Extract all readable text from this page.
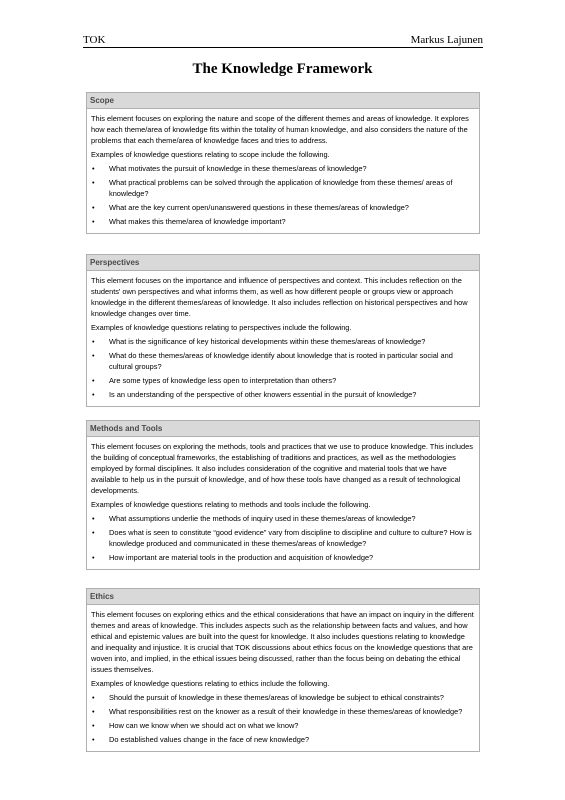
TOK	Markus Lajunen
The Knowledge Framework
Scope

This element focuses on exploring the nature and scope of the different themes and areas of knowledge. It explores how each theme/area of knowledge fits within the totality of human knowledge, and also considers the nature of the problems that each theme/area of knowledge faces and tries to address.

Examples of knowledge questions relating to scope include the following.

• What motivates the pursuit of knowledge in these themes/areas of knowledge?
• What practical problems can be solved through the application of knowledge from these themes/ areas of knowledge?
• What are the key current open/unanswered questions in these themes/areas of knowledge?
• What makes this theme/area of knowledge important?
Perspectives

This element focuses on the importance and influence of perspectives and context. This includes reflection on the students' own perspectives and what informs them, as well as how different people or groups view or approach knowledge in the different themes/areas of knowledge. It also includes reflection on historical perspectives and how knowledge changes over time.

Examples of knowledge questions relating to perspectives include the following.

• What is the significance of key historical developments within these themes/areas of knowledge?
• What do these themes/areas of knowledge identify about knowledge that is rooted in particular social and cultural groups?
• Are some types of knowledge less open to interpretation than others?
• Is an understanding of the perspective of other knowers essential in the pursuit of knowledge?
Methods and Tools

This element focuses on exploring the methods, tools and practices that we use to produce knowledge. This includes the building of conceptual frameworks, the establishing of traditions and practices, as well as the methodologies employed by formal disciplines. It also includes consideration of the cognitive and material tools that we have available to help us in the pursuit of knowledge, and of how these tools have changed as a result of technological developments.

Examples of knowledge questions relating to methods and tools include the following.

• What assumptions underlie the methods of inquiry used in these themes/areas of knowledge?
• Does what is seen to constitute “good evidence” vary from discipline to discipline and culture to culture? How is knowledge produced and communicated in these themes/areas of knowledge?
• How important are material tools in the production and acquisition of knowledge?
Ethics

This element focuses on exploring ethics and the ethical considerations that have an impact on inquiry in the different themes and areas of knowledge. This includes aspects such as the relationship between facts and values, and how ethical and epistemic values are built into the quest for knowledge. It also includes questions relating to knowledge and inequality and injustice. It is crucial that TOK discussions about ethics focus on the knowledge questions that are woven into, and implied, in the ethical issues being discussed, rather than the focus being on debating the ethical issues themselves.

Examples of knowledge questions relating to ethics include the following.

• Should the pursuit of knowledge in these themes/areas of knowledge be subject to ethical constraints?
• What responsibilities rest on the knower as a result of their knowledge in these themes/areas of knowledge?
• How can we know when we should act on what we know?
• Do established values change in the face of new knowledge?
